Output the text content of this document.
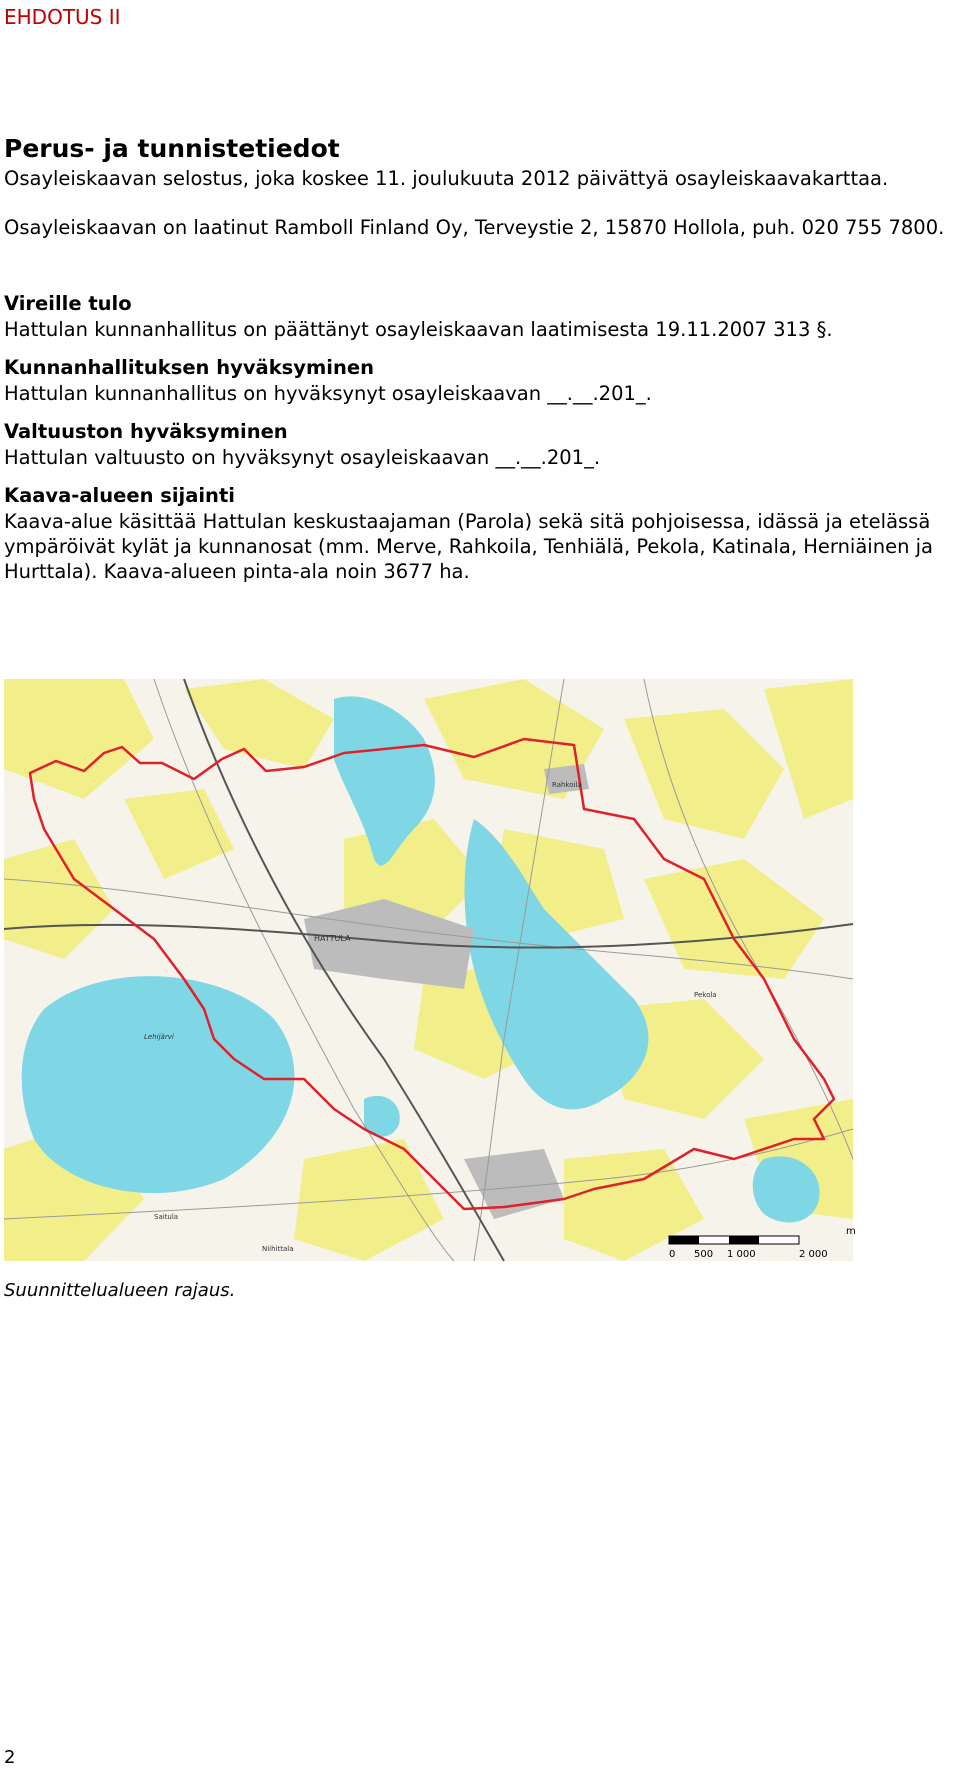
EHDOTUS II
Perus- ja tunnistetiedot
Osayleiskaavan selostus, joka koskee 11. joulukuuta 2012 päivättyä osayleiskaavakarttaa.
Osayleiskaavan on laatinut Ramboll Finland Oy, Terveystie 2, 15870 Hollola, puh. 020 755 7800.
Vireille tulo
Hattulan kunnanhallitus on päättänyt osayleiskaavan laatimisesta 19.11.2007 313 §.
Kunnanhallituksen hyväksyminen
Hattulan kunnanhallitus on hyväksynyt osayleiskaavan __.__.201_.
Valtuuston hyväksyminen
Hattulan valtuusto on hyväksynyt osayleiskaavan __.__.201_.
Kaava-alueen sijainti
Kaava-alue käsittää Hattulan keskustaajaman (Parola) sekä sitä pohjoisessa, idässä ja etelässä ympäröivät kylät ja kunnanosat (mm. Merve, Rahkoila, Tenhiälä, Pekola, Katinala, Herniäinen ja Hurttala). Kaava-alueen pinta-ala noin 3677 ha.
HATTULA
Lehijärvi
Rahkoila
Pekola
Saitula
Niihittala	0 500 1 000	2 000
m
Suunnittelualueen rajaus.
2
